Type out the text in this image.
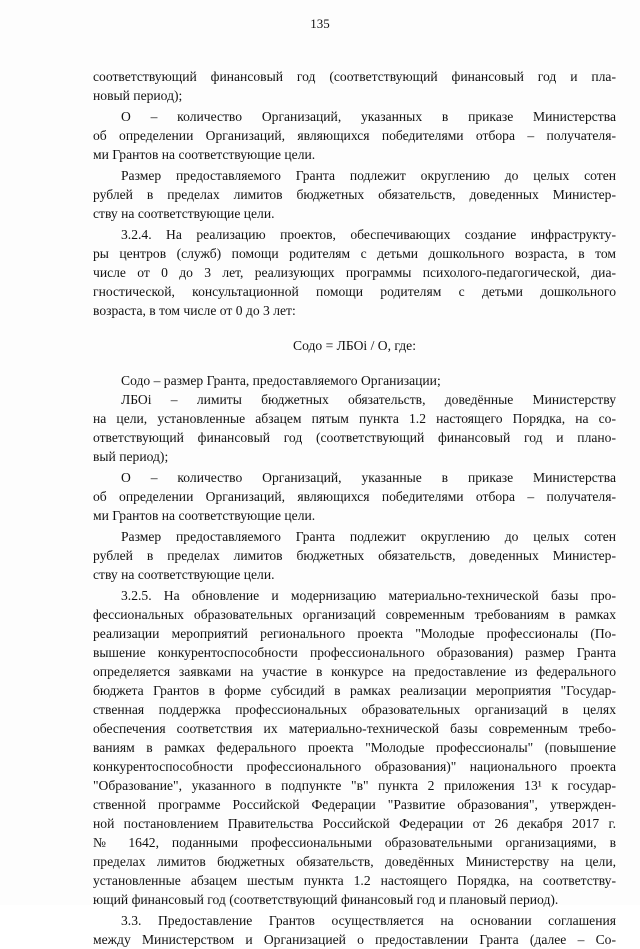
135
соответствующий финансовый год (соответствующий финансовый год и пла-
новый период);
О – количество Организаций, указанных в приказе Министерства
об определении Организаций, являющихся победителями отбора – получателя-
ми Грантов на соответствующие цели.
Размер предоставляемого Гранта подлежит округлению до целых сотен
рублей в пределах лимитов бюджетных обязательств, доведенных Министер-
ству на соответствующие цели.
3.2.4. На реализацию проектов, обеспечивающих создание инфраструкту-
ры центров (служб) помощи родителям с детьми дошкольного возраста, в том
числе от 0 до 3 лет, реализующих программы психолого-педагогической, диа-
гностической, консультационной помощи родителям с детьми дошкольного
возраста, в том числе от 0 до 3 лет:
Содо = ЛБОі / О, где:
Содо – размер Гранта, предоставляемого Организации;
ЛБОі – лимиты бюджетных обязательств, доведённые Министерству
на цели, установленные абзацем пятым пункта 1.2 настоящего Порядка, на со-
ответствующий финансовый год (соответствующий финансовый год и плано-
вый период);
О – количество Организаций, указанные в приказе Министерства
об определении Организаций, являющихся победителями отбора – получателя-
ми Грантов на соответствующие цели.
Размер предоставляемого Гранта подлежит округлению до целых сотен
рублей в пределах лимитов бюджетных обязательств, доведенных Министер-
ству на соответствующие цели.
3.2.5. На обновление и модернизацию материально-технической базы про-
фессиональных образовательных организаций современным требованиям в рамках
реализации мероприятий регионального проекта "Молодые профессионалы (По-
вышение конкурентоспособности профессионального образования) размер Гранта
определяется заявками на участие в конкурсе на предоставление из федерального
бюджета Грантов в форме субсидий в рамках реализации мероприятия "Государ-
ственная поддержка профессиональных образовательных организаций в целях
обеспечения соответствия их материально-технической базы современным требо-
ваниям в рамках федерального проекта "Молодые профессионалы" (повышение
конкурентоспособности профессионального образования)" национального проекта
"Образование", указанного в подпункте "в" пункта 2 приложения 13¹ к государ-
ственной программе Российской Федерации "Развитие образования", утвержден-
ной постановлением Правительства Российской Федерации от 26 декабря 2017 г.
№ 1642, поданными профессиональными образовательными организациями, в
пределах лимитов бюджетных обязательств, доведённых Министерству на цели,
установленные абзацем шестым пункта 1.2 настоящего Порядка, на соответству-
ющий финансовый год (соответствующий финансовый год и плановый период).
3.3. Предоставление Грантов осуществляется на основании соглашения
между Министерством и Организацией о предоставлении Гранта (далее – Со-
